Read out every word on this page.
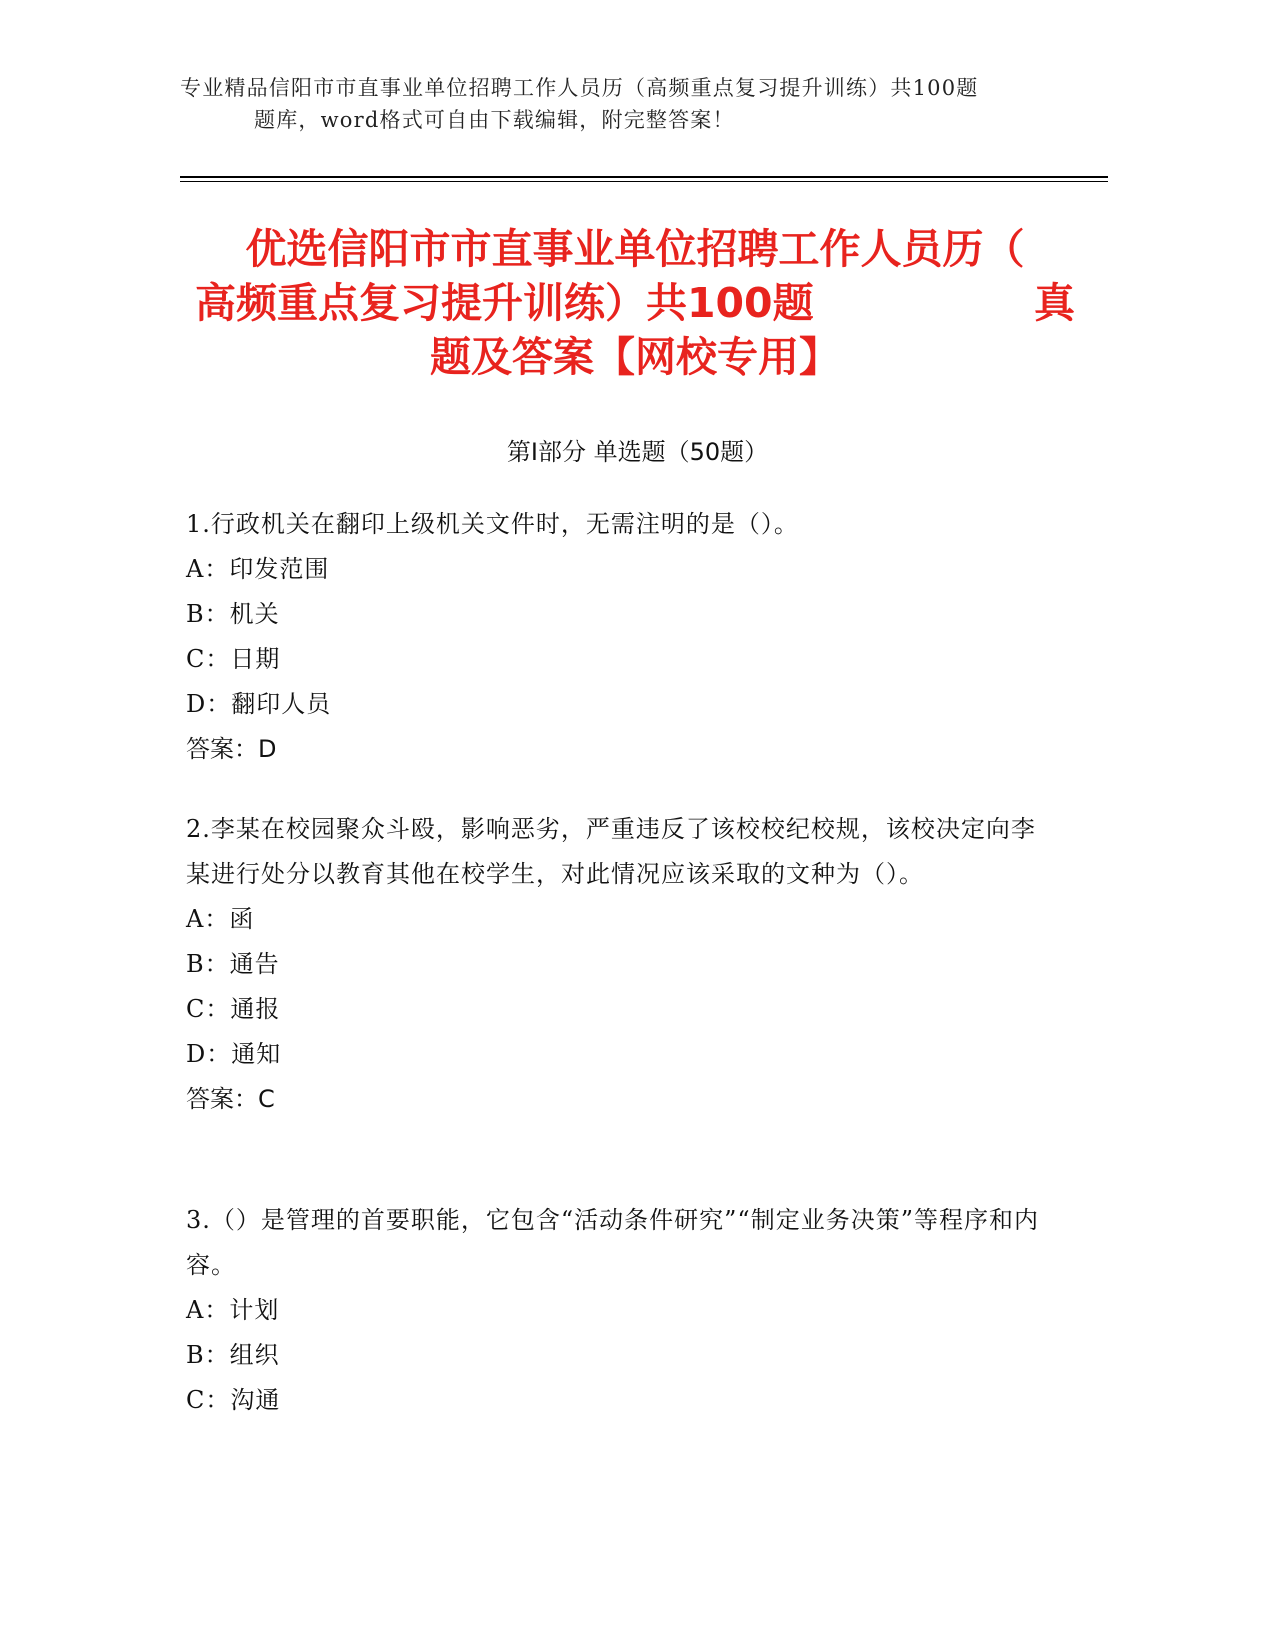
专业精品信阳市市直事业单位招聘工作人员历（高频重点复习提升训练）共100题
题库，word格式可自由下载编辑，附完整答案！
优选信阳市市直事业单位招聘工作人员历（
高频重点复习提升训练）共100题	真
题及答案【网校专用】
第I部分 单选题（50题）
1.行政机关在翻印上级机关文件时，无需注明的是（）。
A：印发范围
B：机关
C：日期
D：翻印人员
答案：D
2.李某在校园聚众斗殴，影响恶劣，严重违反了该校校纪校规，该校决定向李某进行处分以教育其他在校学生，对此情况应该采取的文种为（）。
A：函
B：通告
C：通报
D：通知
答案：C
3.（）是管理的首要职能，它包含“活动条件研究”“制定业务决策”等程序和内容。
A：计划
B：组织
C：沟通
